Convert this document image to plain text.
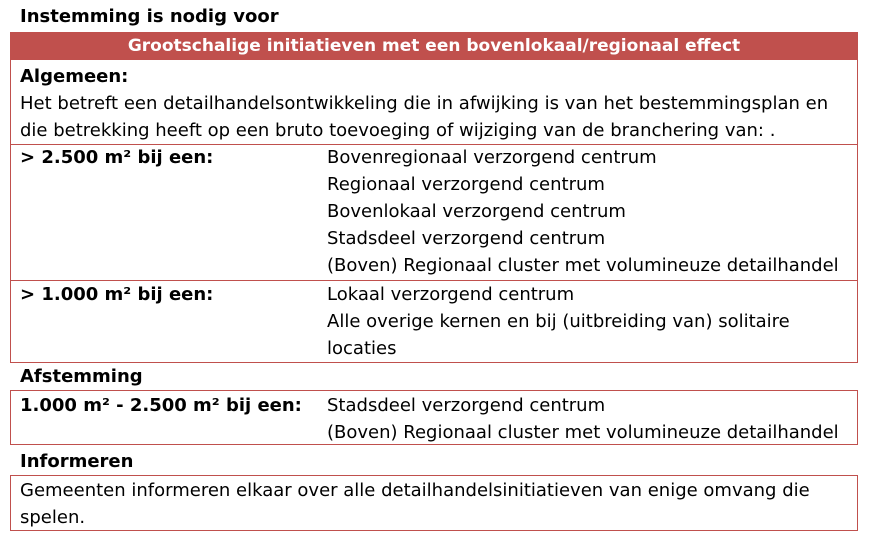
Instemming is nodig voor
Grootschalige initiatieven met een bovenlokaal/regionaal effect
Algemeen:
Het betreft een detailhandelsontwikkeling die in afwijking is van het bestemmingsplan en
die betrekking heeft op een bruto toevoeging of wijziging van de branchering van: .
> 2.500 m² bij een:	Bovenregionaal verzorgend centrum
Regionaal verzorgend centrum
Bovenlokaal verzorgend centrum
Stadsdeel verzorgend centrum
(Boven) Regionaal cluster met volumineuze detailhandel
> 1.000 m² bij een:	Lokaal verzorgend centrum
Alle overige kernen en bij (uitbreiding van) solitaire
locaties
Afstemming
1.000 m² - 2.500 m² bij een: Stadsdeel verzorgend centrum
(Boven) Regionaal cluster met volumineuze detailhandel
Informeren
Gemeenten informeren elkaar over alle detailhandelsinitiatieven van enige omvang die
spelen.
